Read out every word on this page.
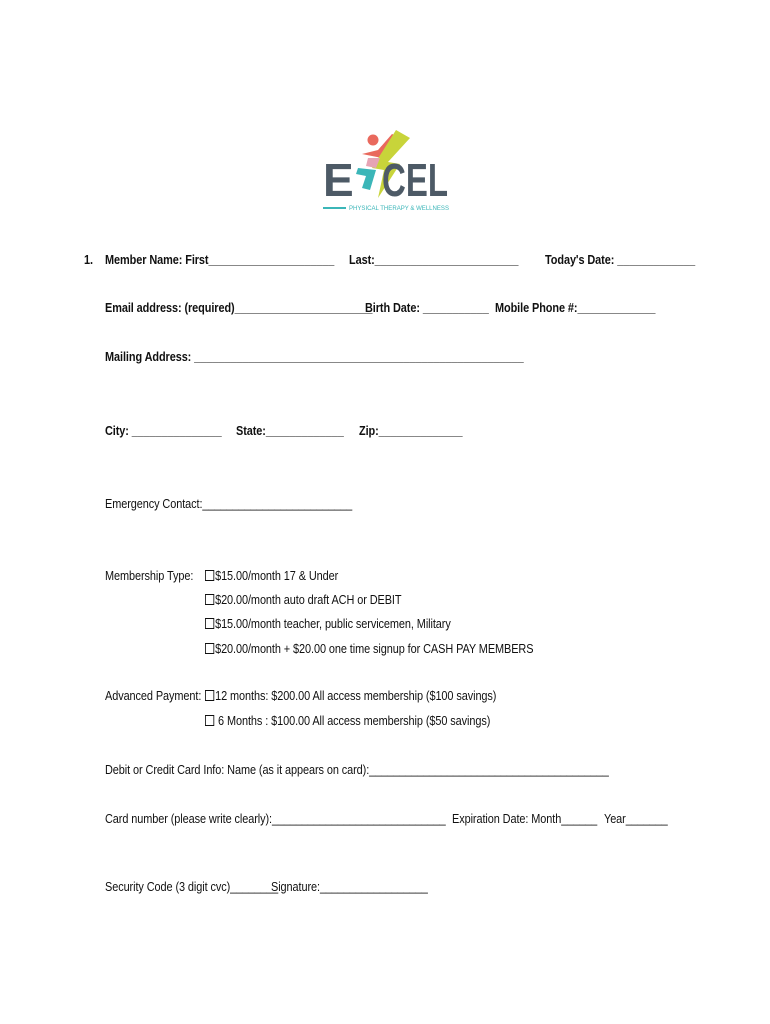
E CEL
PHYSICAL THERAPY & WELLNESS
1. Member Name: First_____________________ Last:________________________ Today's Date: _____________
Email address: (required)_______________________
Birth Date: ___________ Mobile Phone #:_____________
Mailing Address: _______________________________________________________
City: _______________ State:_____________ Zip:______________
Emergency Contact:_________________________
Membership Type:	$15.00/month 17 & Under
$20.00/month auto draft ACH or DEBIT
$15.00/month teacher, public servicemen, Military
$20.00/month + $20.00 one time signup for CASH PAY MEMBERS
Advanced Payment:	12 months: $200.00 All access membership ($100 savings)
6 Months : $100.00 All access membership ($50 savings)
Debit or Credit Card Info: Name (as it appears on card):________________________________________
Card number (please write clearly):_____________________________ Expiration Date: Month______ Year_______
Security Code (3 digit cvc)________
Signature:__________________
